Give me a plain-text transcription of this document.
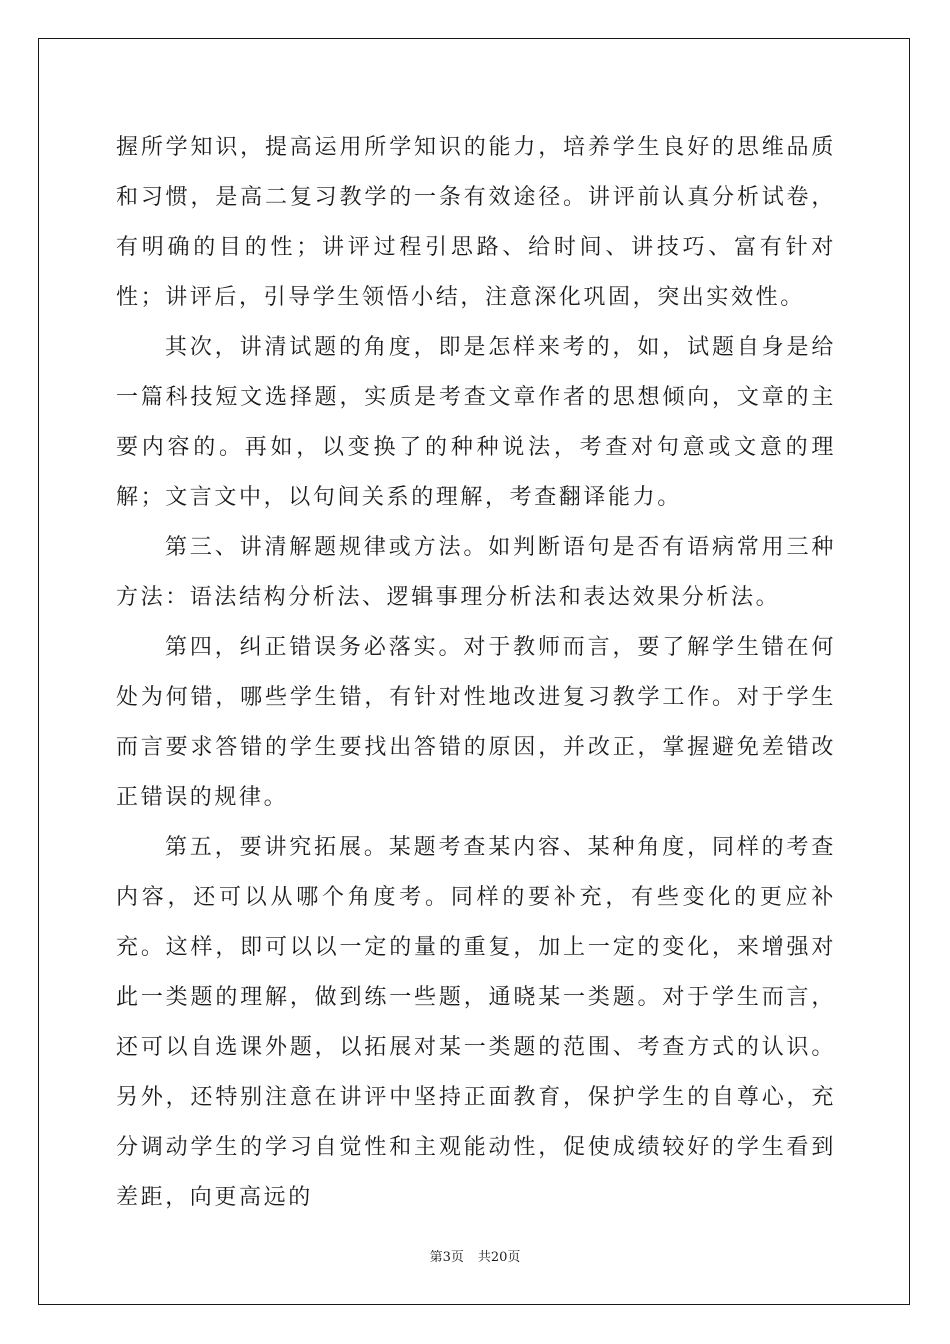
握所学知识，提高运用所学知识的能力，培养学生良好的思维品质和习惯，是高二复习教学的一条有效途径。讲评前认真分析试卷，有明确的目的性；讲评过程引思路、给时间、讲技巧、富有针对性；讲评后，引导学生领悟小结，注意深化巩固，突出实效性。

其次，讲清试题的角度，即是怎样来考的，如，试题自身是给一篇科技短文选择题，实质是考查文章作者的思想倾向，文章的主要内容的。再如，以变换了的种种说法，考查对句意或文意的理解；文言文中，以句间关系的理解，考查翻译能力。

第三、讲清解题规律或方法。如判断语句是否有语病常用三种方法：语法结构分析法、逻辑事理分析法和表达效果分析法。

第四，纠正错误务必落实。对于教师而言，要了解学生错在何处为何错，哪些学生错，有针对性地改进复习教学工作。对于学生而言要求答错的学生要找出答错的原因，并改正，掌握避免差错改正错误的规律。

第五，要讲究拓展。某题考查某内容、某种角度，同样的考查内容，还可以从哪个角度考。同样的要补充，有些变化的更应补充。这样，即可以以一定的量的重复，加上一定的变化，来增强对此一类题的理解，做到练一些题，通晓某一类题。对于学生而言，还可以自选课外题，以拓展对某一类题的范围、考查方式的认识。另外，还特别注意在讲评中坚持正面教育，保护学生的自尊心，充分调动学生的学习自觉性和主观能动性，促使成绩较好的学生看到差距，向更高远的

第3页 共20页
